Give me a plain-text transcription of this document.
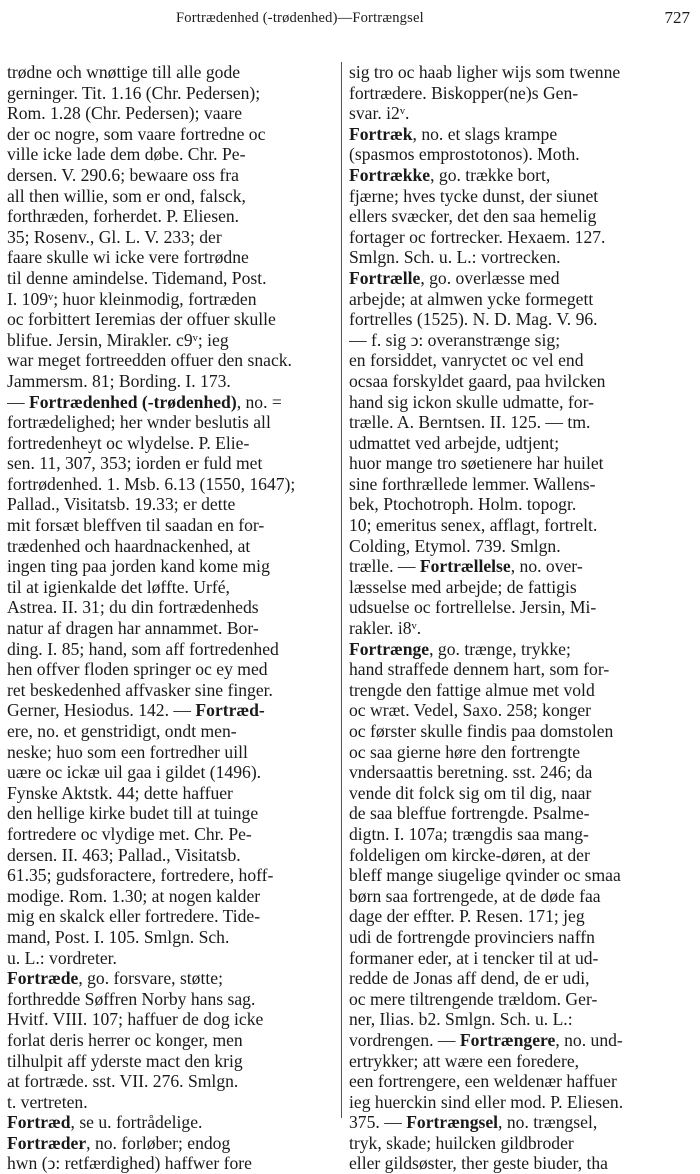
Fortrædenhed (-trødenhed)—Fortrængsel	727
trødne och wnøttige till alle gode
gerninger. Tit. 1.16 (Chr. Pedersen);
Rom. 1.28 (Chr. Pedersen); vaare
der oc nogre, som vaare fortredne oc
ville icke lade dem døbe. Chr. Pe-
dersen. V. 290.6; bewaare oss fra
all then willie, som er ond, falsck,
forthræden, forherdet. P. Eliesen.
35; Rosenv., Gl. L. V. 233; der
faare skulle wi icke vere fortrødne
til denne amindelse. Tidemand, Post.
I. 109ᵛ; huor kleinmodig, fortræden
oc forbittert Ieremias der offuer skulle
blifue. Jersin, Mirakler. c9ᵛ; ieg
war meget fortreedden offuer den snack.
Jammersm. 81; Bording. I. 173.
— Fortrædenhed (-trødenhed), no. =
fortrædelighed; her wnder beslutis all
fortredenheyt oc wlydelse. P. Elie-
sen. 11, 307, 353; iorden er fuld met
fortrødenhed. 1. Msb. 6.13 (1550, 1647);
Pallad., Visitatsb. 19.33; er dette
mit forsæt bleffven til saadan en for-
trædenhed och haardnackenhed, at
ingen ting paa jorden kand kome mig
til at igienkalde det løffte. Urfé,
Astrea. II. 31; du din fortrædenheds
natur af dragen har annammet. Bor-
ding. I. 85; hand, som aff fortredenhed
hen offver floden springer oc ey med
ret beskedenhed affvasker sine finger.
Gerner, Hesiodus. 142. — Fortræd-
ere, no. et genstridigt, ondt men-
neske; huo som een fortredher uill
uære oc ickæ uil gaa i gildet (1496).
Fynske Aktstk. 44; dette haffuer
den hellige kirke budet till at tuinge
fortredere oc vlydige met. Chr. Pe-
dersen. II. 463; Pallad., Visitatsb.
61.35; gudsforactere, fortredere, hoff-
modige. Rom. 1.30; at nogen kalder
mig en skalck eller fortredere. Tide-
mand, Post. I. 105. Smlgn. Sch.
u. L.: vordreter.
Fortræde, go. forsvare, støtte;
forthredde Søffren Norby hans sag.
Hvitf. VIII. 107; haffuer de dog icke
forlat deris herrer oc konger, men
tilhulpit aff yderste mact den krig
at fortræde. sst. VII. 276. Smlgn.
t. vertreten.
Fortræd, se u. fortrådelige.
Fortræder, no. forløber; endog
hwn (ↄ: retfærdighed) haffwer fore
sig tro oc haab ligher wijs som twenne
fortrædere. Biskopper(ne)s Gen-
svar. i2ᵛ.
Fortræk, no. et slags krampe
(spasmos emprostotonos). Moth.
Fortrække, go. trække bort,
fjærne; hves tycke dunst, der siunet
ellers svæcker, det den saa hemelig
fortager oc fortrecker. Hexaem. 127.
Smlgn. Sch. u. L.: vortrecken.
Fortrælle, go. overlæsse med
arbejde; at almwen ycke formegett
fortrelles (1525). N. D. Mag. V. 96.
— f. sig ↄ: overanstrænge sig;
en forsiddet, vanryctet oc vel end
ocsaa forskyldet gaard, paa hvilcken
hand sig ickon skulle udmatte, for-
trælle. A. Berntsen. II. 125. — tm.
udmattet ved arbejde, udtjent;
huor mange tro søetienere har huilet
sine forthrællede lemmer. Wallens-
bek, Ptochotroph. Holm. topogr.
10; emeritus senex, afflagt, fortrelt.
Colding, Etymol. 739. Smlgn.
trælle. — Fortrællelse, no. over-
læsselse med arbejde; de fattigis
udsuelse oc fortrellelse. Jersin, Mi-
rakler. i8ᵛ.
Fortrænge, go. trænge, trykke;
hand straffede dennem hart, som for-
trengde den fattige almue met vold
oc wræt. Vedel, Saxo. 258; konger
oc førster skulle findis paa domstolen
oc saa gierne høre den fortrengte
vndersaattis beretning. sst. 246; da
vende dit folck sig om til dig, naar
de saa bleffue fortrengde. Psalme-
digtn. I. 107a; trængdis saa mang-
foldeligen om kircke-døren, at der
bleff mange siugelige qvinder oc smaa
børn saa fortrengede, at de døde faa
dage der effter. P. Resen. 171; jeg
udi de fortrengde provinciers naffn
formaner eder, at i tencker til at ud-
redde de Jonas aff dend, de er udi,
oc mere tiltrengende trældom. Ger-
ner, Ilias. b2. Smlgn. Sch. u. L.:
vordrengen. — Fortrængere, no. und-
ertrykker; att wære een foredere,
een fortrengere, een weldenær haffuer
ieg huerckin sind eller mod. P. Eliesen.
375. — Fortrængsel, no. trængsel,
tryk, skade; huilcken gildbroder
eller gildsøster, ther geste biuder, tha
